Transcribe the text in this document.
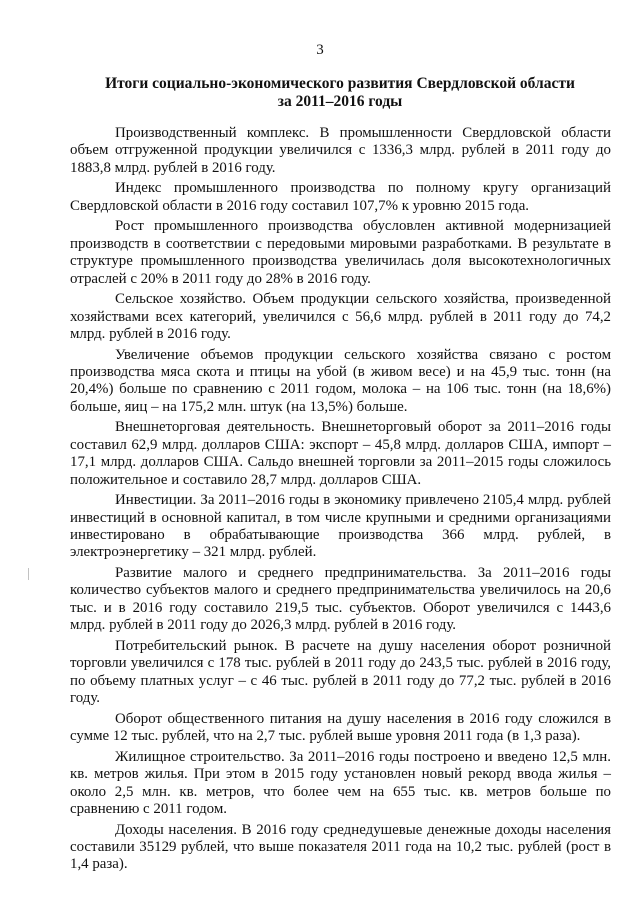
3
Итоги социально-экономического развития Свердловской области
за 2011–2016 годы

Производственный комплекс. В промышленности Свердловской области объем отгруженной продукции увеличился с 1336,3 млрд. рублей в 2011 году до 1883,8 млрд. рублей в 2016 году.

Индекс промышленного производства по полному кругу организаций Свердловской области в 2016 году составил 107,7% к уровню 2015 года.

Рост промышленного производства обусловлен активной модернизацией производств в соответствии с передовыми мировыми разработками. В результате в структуре промышленного производства увеличилась доля высокотехнологичных отраслей с 20% в 2011 году до 28% в 2016 году.

Сельское хозяйство. Объем продукции сельского хозяйства, произведенной хозяйствами всех категорий, увеличился с 56,6 млрд. рублей в 2011 году до 74,2 млрд. рублей в 2016 году.

Увеличение объемов продукции сельского хозяйства связано с ростом производства мяса скота и птицы на убой (в живом весе) и на 45,9 тыс. тонн (на 20,4%) больше по сравнению с 2011 годом, молока – на 106 тыс. тонн (на 18,6%) больше, яиц – на 175,2 млн. штук (на 13,5%) больше.

Внешнеторговая деятельность. Внешнеторговый оборот за 2011–2016 годы составил 62,9 млрд. долларов США: экспорт – 45,8 млрд. долларов США, импорт – 17,1 млрд. долларов США. Сальдо внешней торговли за 2011–2015 годы сложилось положительное и составило 28,7 млрд. долларов США.

Инвестиции. За 2011–2016 годы в экономику привлечено 2105,4 млрд. рублей инвестиций в основной капитал, в том числе крупными и средними организациями инвестировано в обрабатывающие производства 366 млрд. рублей, в электроэнергетику – 321 млрд. рублей.

Развитие малого и среднего предпринимательства. За 2011–2016 годы количество субъектов малого и среднего предпринимательства увеличилось на 20,6 тыс. и в 2016 году составило 219,5 тыс. субъектов. Оборот увеличился с 1443,6 млрд. рублей в 2011 году до 2026,3 млрд. рублей в 2016 году.

Потребительский рынок. В расчете на душу населения оборот розничной торговли увеличился с 178 тыс. рублей в 2011 году до 243,5 тыс. рублей в 2016 году, по объему платных услуг – с 46 тыс. рублей в 2011 году до 77,2 тыс. рублей в 2016 году.

Оборот общественного питания на душу населения в 2016 году сложился в сумме 12 тыс. рублей, что на 2,7 тыс. рублей выше уровня 2011 года (в 1,3 раза).

Жилищное строительство. За 2011–2016 годы построено и введено 12,5 млн. кв. метров жилья. При этом в 2015 году установлен новый рекорд ввода жилья – около 2,5 млн. кв. метров, что более чем на 655 тыс. кв. метров больше по сравнению с 2011 годом.

Доходы населения. В 2016 году среднедушевые денежные доходы населения составили 35129 рублей, что выше показателя 2011 года на 10,2 тыс. рублей (рост в 1,4 раза).
